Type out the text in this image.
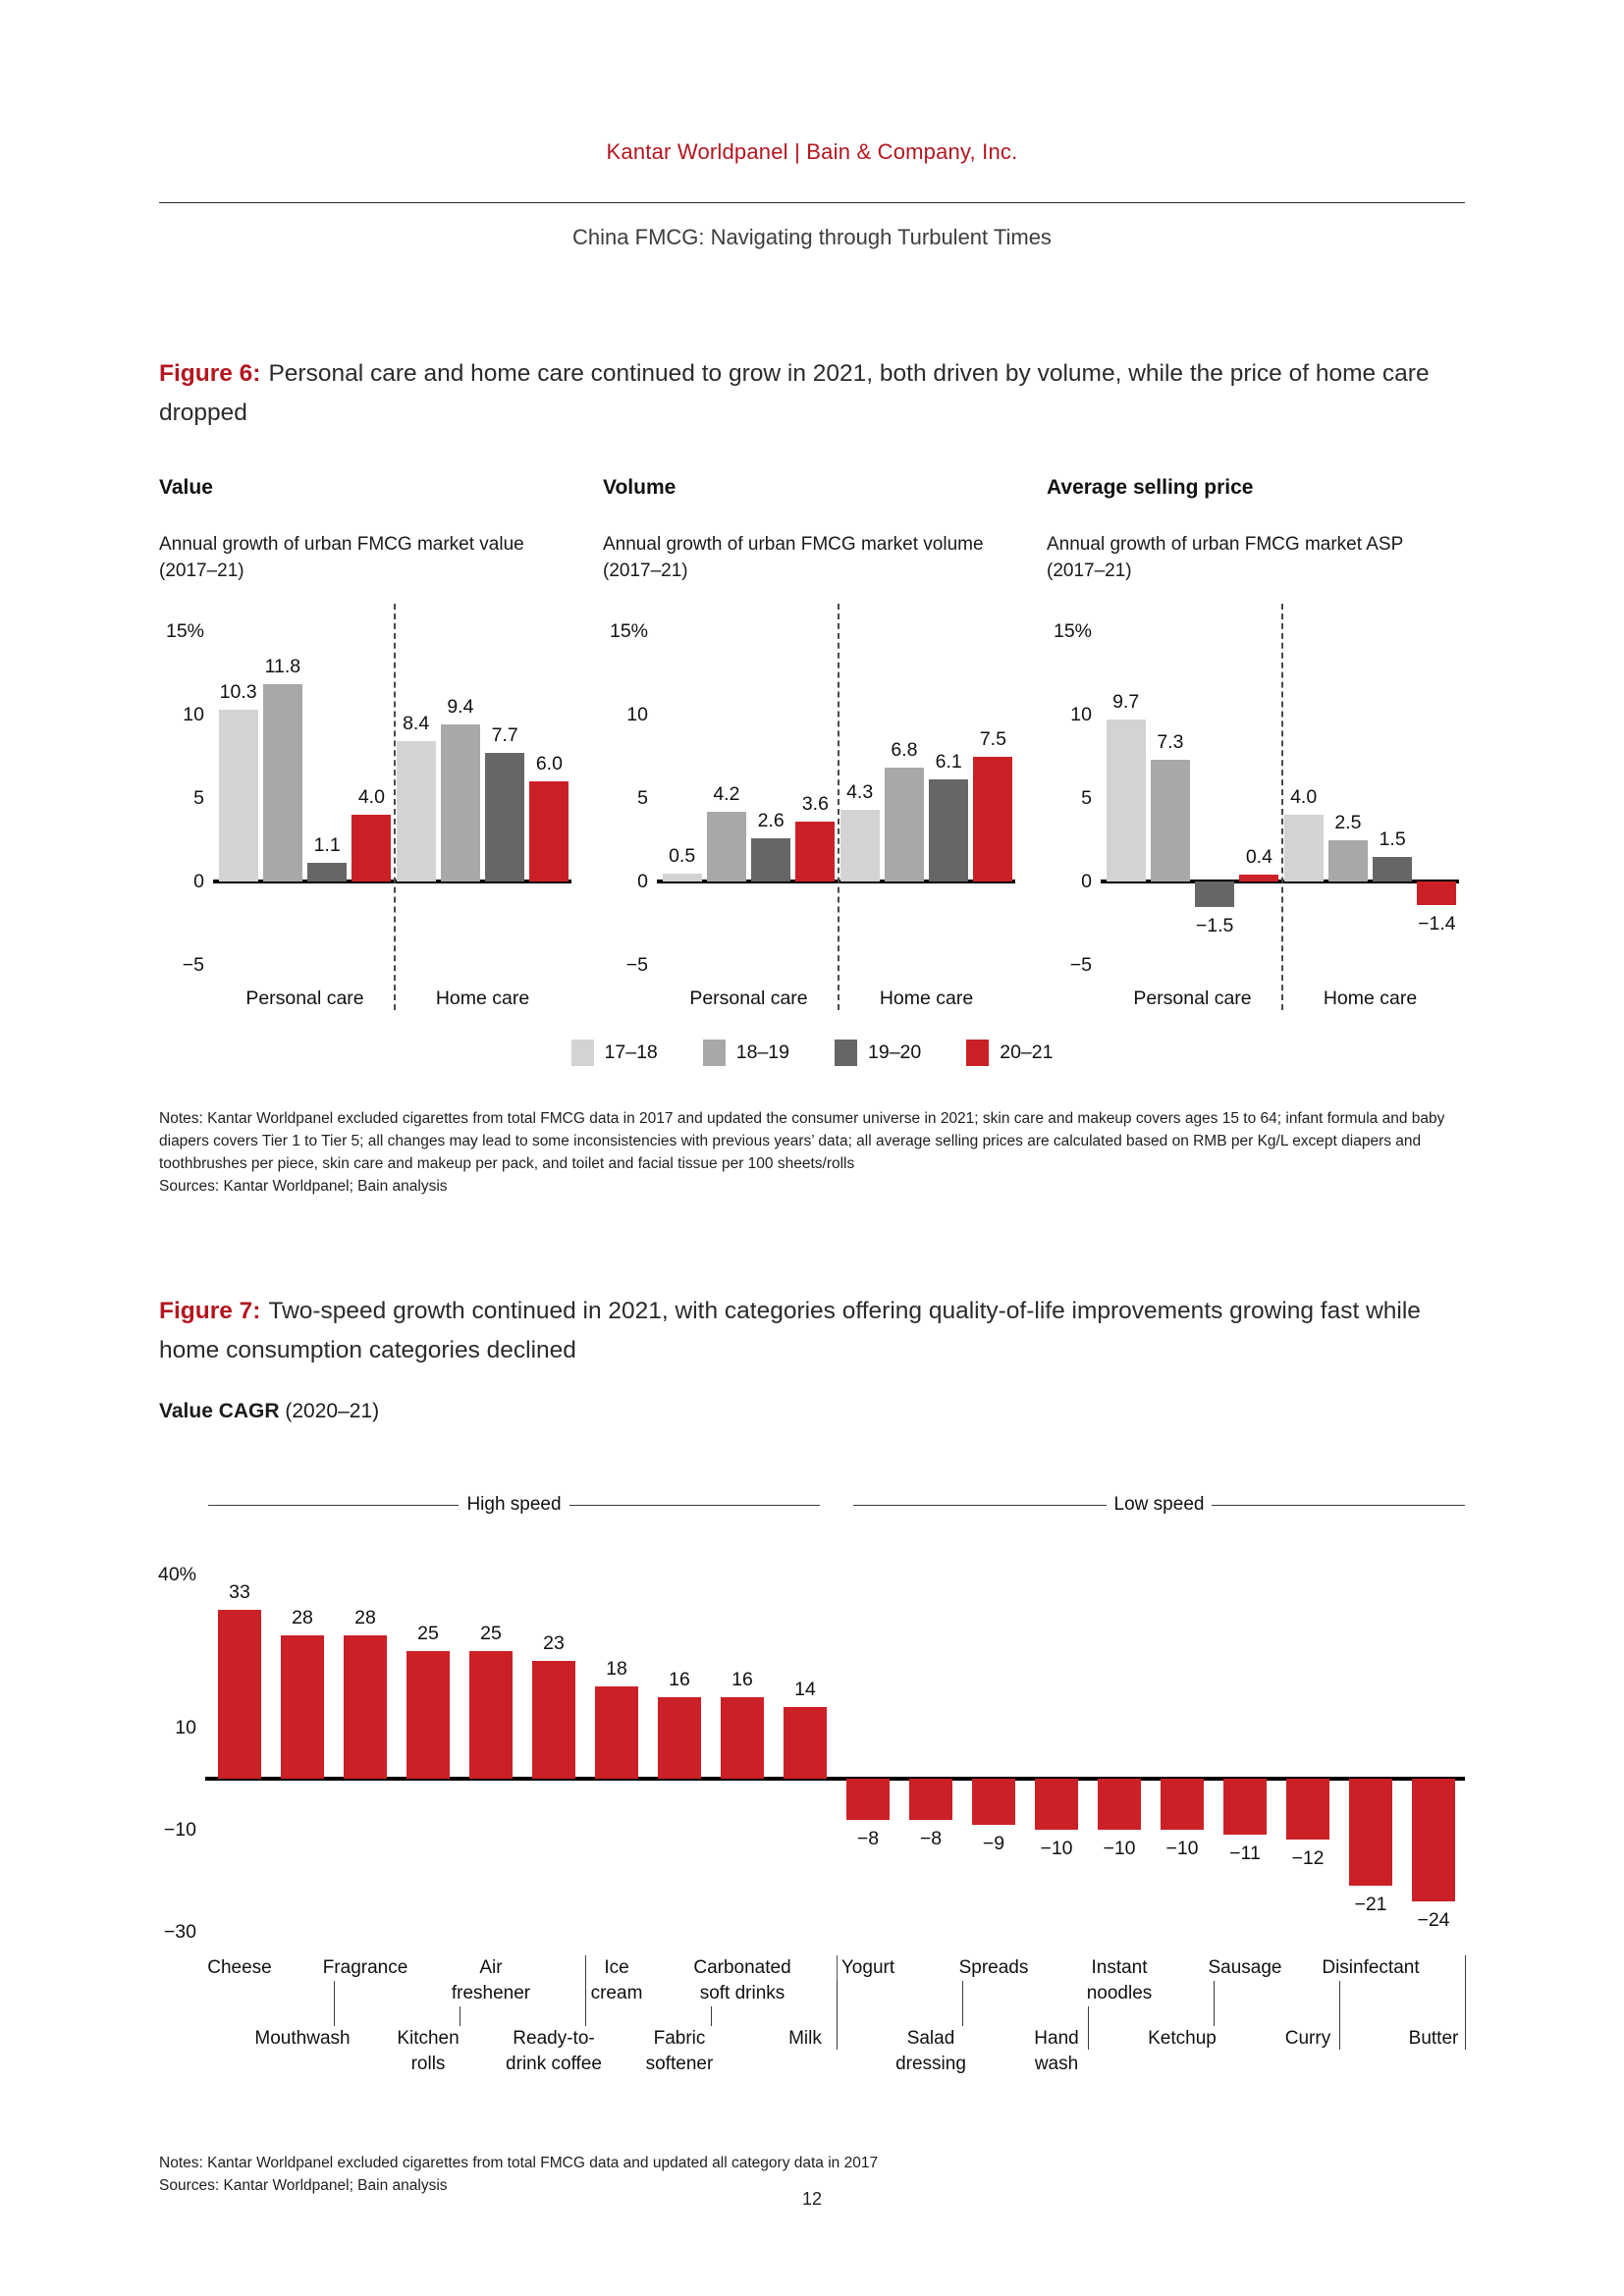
Kantar Worldpanel | Bain & Company, Inc.
China FMCG: Navigating through Turbulent Times

Figure 6: Personal care and home care continued to grow in 2021, both driven by volume, while the price of home care dropped

Value
Annual growth of urban FMCG market value (2017–21)
15%
10
5
0
−5
10.3
8.4
11.8
9.4
1.1
7.7
4.0
6.0
Personal care	Home care
Volume
Annual growth of urban FMCG market volume (2017–21)
15%
10
5
0
−5
0.5
4.3
4.2
6.8
2.6
6.1
3.6
7.5
Personal care	Home care
Average selling price
Annual growth of urban FMCG market ASP (2017–21)
15%
10
5
0
−5
9.7
4.0
7.3
2.5
−1.5
1.5
0.4
−1.4
Personal care	Home care
17–18	18–19	19–20	20–21

Notes: Kantar Worldpanel excluded cigarettes from total FMCG data in 2017 and updated the consumer universe in 2021; skin care and makeup covers ages 15 to 64; infant formula and baby diapers covers Tier 1 to Tier 5; all changes may lead to some inconsistencies with previous years’ data; all average selling prices are calculated based on RMB per Kg/L except diapers and toothbrushes per piece, skin care and makeup per pack, and toilet and facial tissue per 100 sheets/rolls
Sources: Kantar Worldpanel; Bain analysis

Figure 7: Two-speed growth continued in 2021, with categories offering quality-of-life improvements growing fast while home consumption categories declined

Value CAGR (2020–21)

High speed	Low speed
40%
10
−10
−30
33
28	28
25	25	23
18	16	16	14
−8	−8	−9	−10	−10	−10	−11	−12
−21
−24
Cheese
Mouthwash
Fragrance
Kitchen
rolls
Air
freshener
Ready-to-
drink coffee
Ice
cream
Fabric
softener
Carbonated
soft drinks
Milk
Yogurt
Salad
dressing
Spreads
Hand
wash
Instant
noodles
Ketchup
Sausage
Curry
Disinfectant
Butter

Notes: Kantar Worldpanel excluded cigarettes from total FMCG data and updated all category data in 2017
Sources: Kantar Worldpanel; Bain analysis

12
